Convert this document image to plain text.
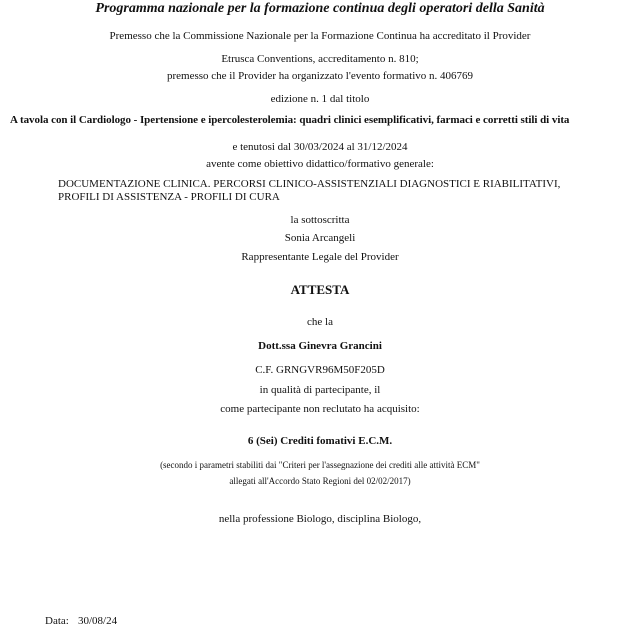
Programma nazionale per la formazione continua degli operatori della Sanità
Premesso che la Commissione Nazionale per la Formazione Continua ha accreditato il Provider
Etrusca Conventions, accreditamento n. 810;
premesso che il Provider ha organizzato l'evento formativo n. 406769
edizione n. 1 dal titolo
A tavola con il Cardiologo - Ipertensione e ipercolesterolemia: quadri clinici esemplificativi, farmaci e corretti stili di vita
e tenutosi dal 30/03/2024 al 31/12/2024
avente come obiettivo didattico/formativo generale:
DOCUMENTAZIONE CLINICA. PERCORSI CLINICO-ASSISTENZIALI DIAGNOSTICI E RIABILITATIVI, PROFILI DI ASSISTENZA - PROFILI DI CURA
la sottoscritta
Sonia Arcangeli
Rappresentante Legale del Provider
ATTESTA
che la
Dott.ssa Ginevra Grancini
C.F. GRNGVR96M50F205D
in qualità di partecipante, il
come partecipante non reclutato ha acquisito:
6 (Sei) Crediti fomativi E.C.M.
(secondo i parametri stabiliti dai "Criteri per l'assegnazione dei crediti alle attività ECM"
allegati all'Accordo Stato Regioni del 02/02/2017)
nella professione Biologo, disciplina Biologo,
Data: 30/08/24
